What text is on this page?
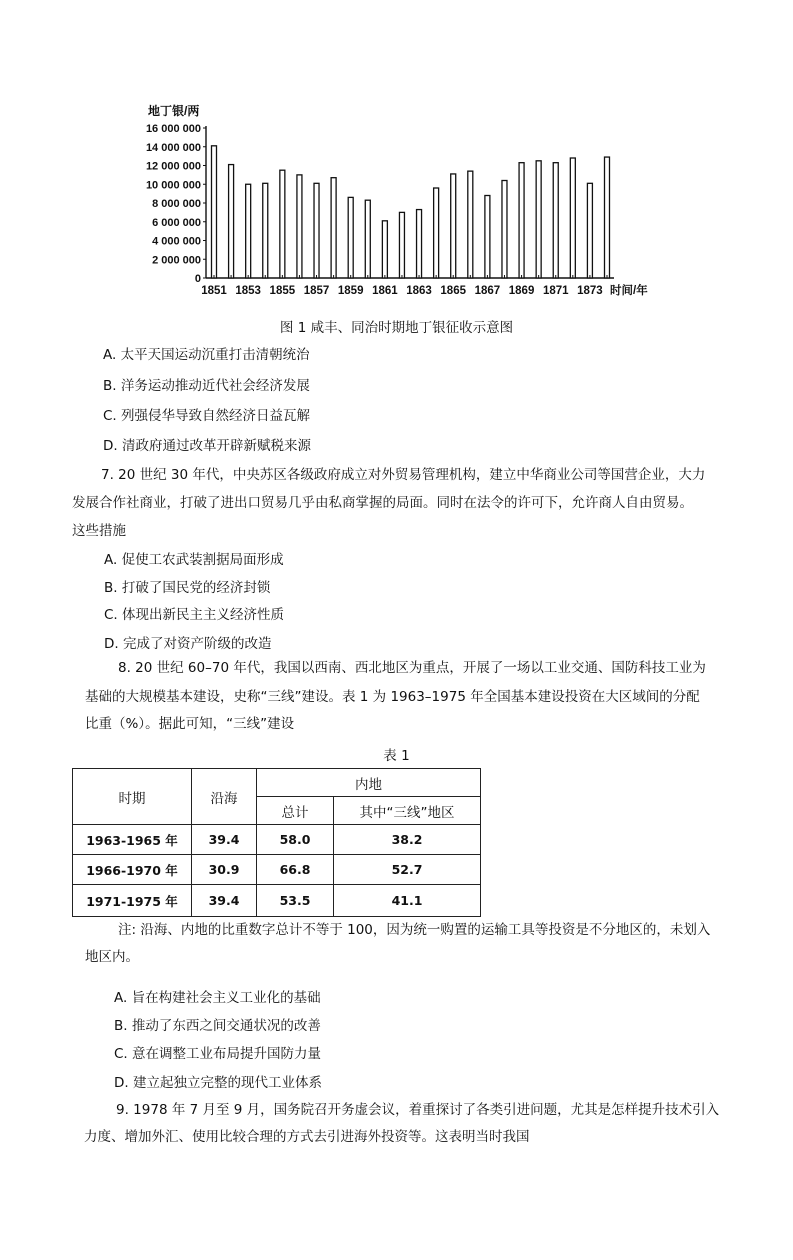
地丁银/两
16 000 000
14 000 000
12 000 000
10 000 000
8 000 000
6 000 000
4 000 000
2 000 000
0
1851 1853 1855 1857 1859 1861 1863 1865 1867 1869 1871 1873 时间/年
图 1 咸丰、同治时期地丁银征收示意图
A. 太平天国运动沉重打击清朝统治
B. 洋务运动推动近代社会经济发展
C. 列强侵华导致自然经济日益瓦解
D. 清政府通过改革开辟新赋税来源
7. 20 世纪 30 年代，中央苏区各级政府成立对外贸易管理机构，建立中华商业公司等国营企业，大力
发展合作社商业，打破了进出口贸易几乎由私商掌握的局面。同时在法令的许可下，允许商人自由贸易。
这些措施
A. 促使工农武装割据局面形成
B. 打破了国民党的经济封锁
C. 体现出新民主主义经济性质
D. 完成了对资产阶级的改造
8. 20 世纪 60–70 年代，我国以西南、西北地区为重点，开展了一场以工业交通、国防科技工业为
基础的大规模基本建设，史称“三线”建设。表 1 为 1963–1975 年全国基本建设投资在大区域间的分配
比重（%）。据此可知，“三线”建设
表 1
时期	沿海	内地	
		总计	其中“三线”地区
1963-1965 年	39.4	58.0	38.2
1966-1970 年	30.9	66.8	52.7
1971-1975 年	39.4	53.5	41.1
注: 沿海、内地的比重数字总计不等于 100，因为统一购置的运输工具等投资是不分地区的，未划入
地区内。
A. 旨在构建社会主义工业化的基础
B. 推动了东西之间交通状况的改善
C. 意在调整工业布局提升国防力量
D. 建立起独立完整的现代工业体系
9. 1978 年 7 月至 9 月，国务院召开务虚会议，着重探讨了各类引进问题，尤其是怎样提升技术引入
力度、增加外汇、使用比较合理的方式去引进海外投资等。这表明当时我国
